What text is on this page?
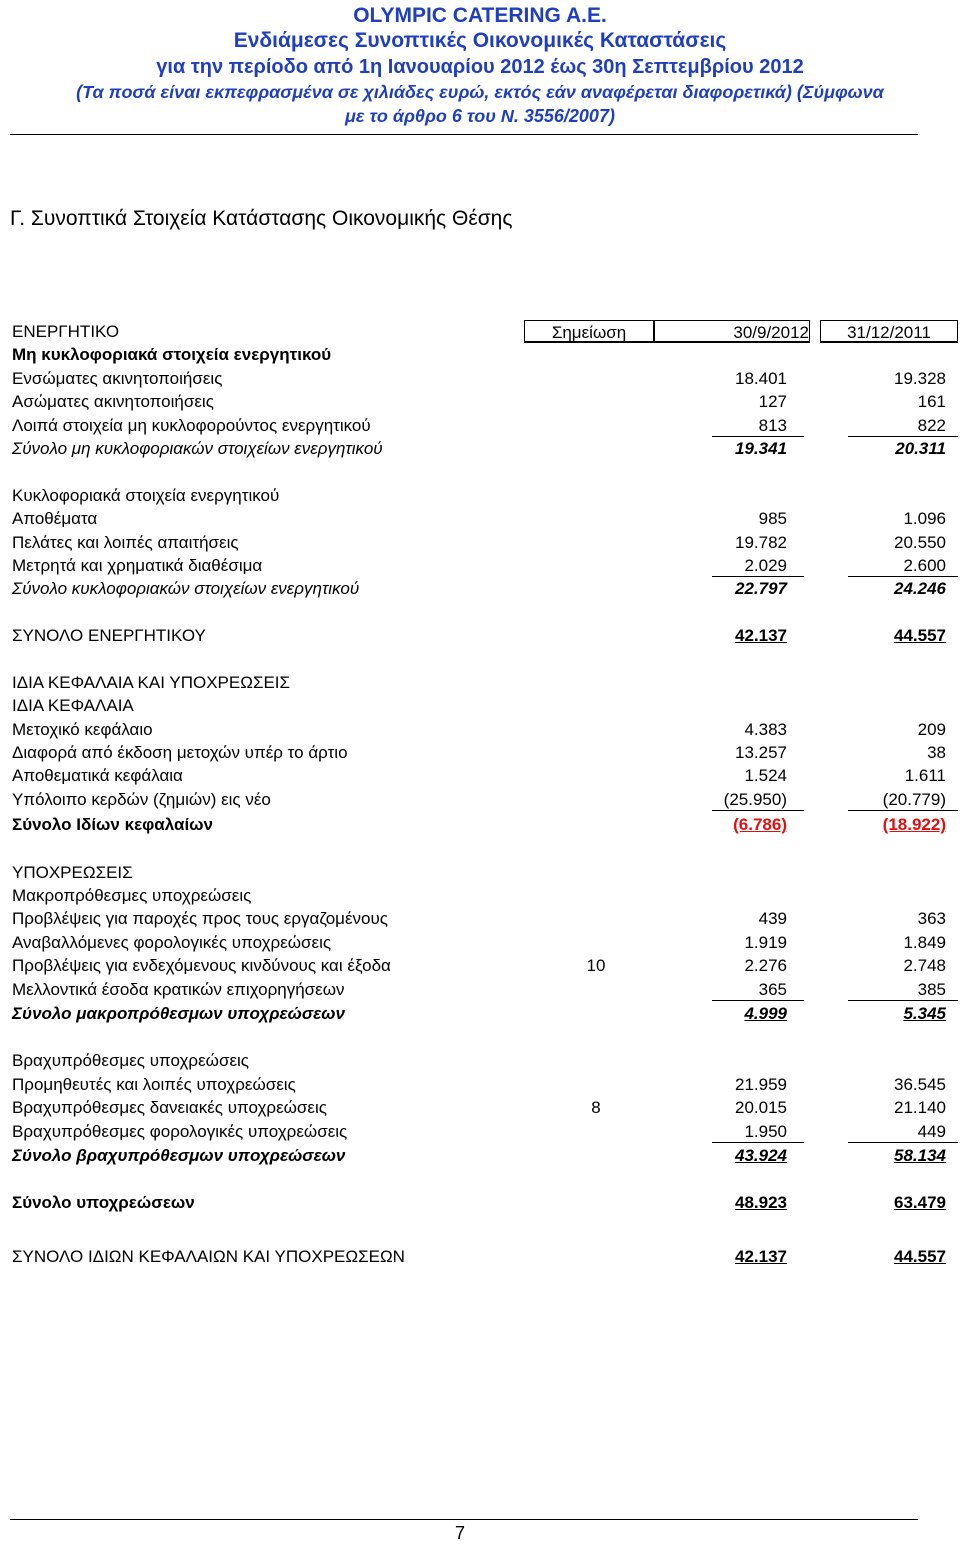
OLYMPIC CATERING A.E.
Ενδιάμεσες Συνοπτικές Οικονομικές Καταστάσεις
για την περίοδο από 1η Ιανουαρίου 2012 έως 30η Σεπτεμβρίου 2012
(Τα ποσά είναι εκπεφρασμένα σε χιλιάδες ευρώ, εκτός εάν αναφέρεται διαφορετικά) (Σύμφωνα
με το άρθρο 6 του Ν. 3556/2007)
Γ. Συνοπτικά Στοιχεία Κατάστασης Οικονομικής Θέσης
ΕΝΕΡΓΗΤΙΚΟ	Σημείωση	30/9/2012	31/12/2011
Μη κυκλοφοριακά στοιχεία ενεργητικού
Ενσώματες ακινητοποιήσεις	18.401	19.328
Ασώματες ακινητοποιήσεις	127	161
Λοιπά στοιχεία μη κυκλοφορούντος ενεργητικού	813	822
Σύνολο μη κυκλοφοριακών στοιχείων ενεργητικού	19.341	20.311
Κυκλοφοριακά στοιχεία ενεργητικού
Αποθέματα	985	1.096
Πελάτες και λοιπές απαιτήσεις	19.782	20.550
Μετρητά και χρηματικά διαθέσιμα	2.029	2.600
Σύνολο κυκλοφοριακών στοιχείων ενεργητικού	22.797	24.246
ΣΥΝΟΛΟ ΕΝΕΡΓΗΤΙΚΟΥ	42.137	44.557
ΙΔΙΑ ΚΕΦΑΛΑΙΑ ΚΑΙ ΥΠΟΧΡΕΩΣΕΙΣ
ΙΔΙΑ ΚΕΦΑΛΑΙΑ
Μετοχικό κεφάλαιο	4.383	209
Διαφορά από έκδοση μετοχών υπέρ το άρτιο	13.257	38
Αποθεματικά κεφάλαια	1.524	1.611
Υπόλοιπο κερδών (ζημιών) εις νέο	(25.950)	(20.779)
Σύνολο Ιδίων κεφαλαίων	(6.786)	(18.922)
ΥΠΟΧΡΕΩΣΕΙΣ
Μακροπρόθεσμες υποχρεώσεις
Προβλέψεις για παροχές προς τους εργαζομένους	439	363
Αναβαλλόμενες φορολογικές υποχρεώσεις	1.919	1.849
Προβλέψεις για ενδεχόμενους κινδύνους και έξοδα	10	2.276	2.748
Μελλοντικά έσοδα κρατικών επιχορηγήσεων	365	385
Σύνολο μακροπρόθεσμων υποχρεώσεων	4.999	5.345
Βραχυπρόθεσμες υποχρεώσεις
Προμηθευτές και λοιπές υποχρεώσεις	21.959	36.545
Βραχυπρόθεσμες δανειακές υποχρεώσεις	8	20.015	21.140
Βραχυπρόθεσμες φορολογικές υποχρεώσεις	1.950	449
Σύνολο βραχυπρόθεσμων υποχρεώσεων	43.924	58.134
Σύνολο υποχρεώσεων	48.923	63.479
ΣΥΝΟΛΟ ΙΔΙΩΝ ΚΕΦΑΛΑΙΩΝ ΚΑΙ ΥΠΟΧΡΕΩΣΕΩΝ	42.137	44.557
7
